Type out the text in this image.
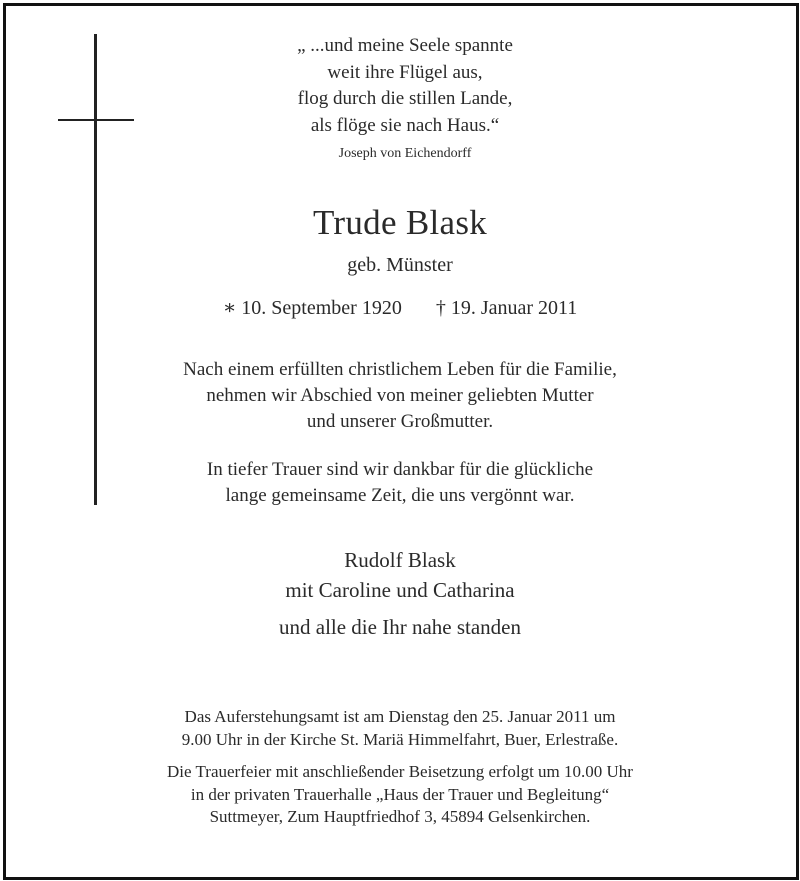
„ ...und meine Seele spannte
weit ihre Flügel aus,
flog durch die stillen Lande,
als flöge sie nach Haus.“
Joseph von Eichendorff
Trude Blask
geb. Münster
∗ 10. September 1920 † 19. Januar 2011
Nach einem erfüllten christlichem Leben für die Familie,
nehmen wir Abschied von meiner geliebten Mutter
und unserer Großmutter.
In tiefer Trauer sind wir dankbar für die glückliche
lange gemeinsame Zeit, die uns vergönnt war.
Rudolf Blask
mit Caroline und Catharina
und alle die Ihr nahe standen
Das Auferstehungsamt ist am Dienstag den 25. Januar 2011 um
9.00 Uhr in der Kirche St. Mariä Himmelfahrt, Buer, Erlestraße.
Die Trauerfeier mit anschließender Beisetzung erfolgt um 10.00 Uhr
in der privaten Trauerhalle „Haus der Trauer und Begleitung“
Suttmeyer, Zum Hauptfriedhof 3, 45894 Gelsenkirchen.
